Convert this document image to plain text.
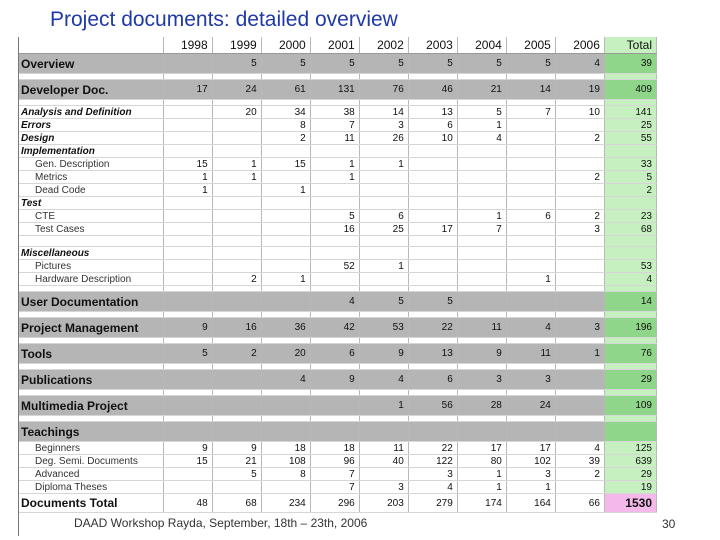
Project documents: detailed overview
	1998	1999	2000	2001	2002	2003	2004	2005	2006	Total
Overview		5	5	5	5	5	5	5	4	39

Developer Doc.	17	24	61	131	76	46	21	14	19	409

Analysis and Definition		20	34	38	14	13	5	7	10	141
Errors			8	7	3	6	1			25
Design			2	11	26	10	4		2	55
Implementation										
Gen. Description	15	1	15	1	1					33
Metrics	1	1		1					2	5
Dead Code	1		1							2
Test										
CTE				5	6		1	6	2	23
Test Cases				16	25	17	7		3	68

Miscellaneous										
Pictures				52	1					53
Hardware Description		2	1					1		4

User Documentation				4	5	5				14

Project Management	9	16	36	42	53	22	11	4	3	196

Tools	5	2	20	6	9	13	9	11	1	76

Publications			4	9	4	6	3	3		29

Multimedia Project					1	56	28	24		109

Teachings										
Beginners	9	9	18	18	11	22	17	17	4	125
Deg. Semi. Documents	15	21	108	96	40	122	80	102	39	639
Advanced		5	8	7		3	1	3	2	29
Diploma Theses				7	3	4	1	1		19
Documents Total	48	68	234	296	203	279	174	164	66	1530
DAAD Workshop Rayda, September, 18th – 23th, 2006	30
